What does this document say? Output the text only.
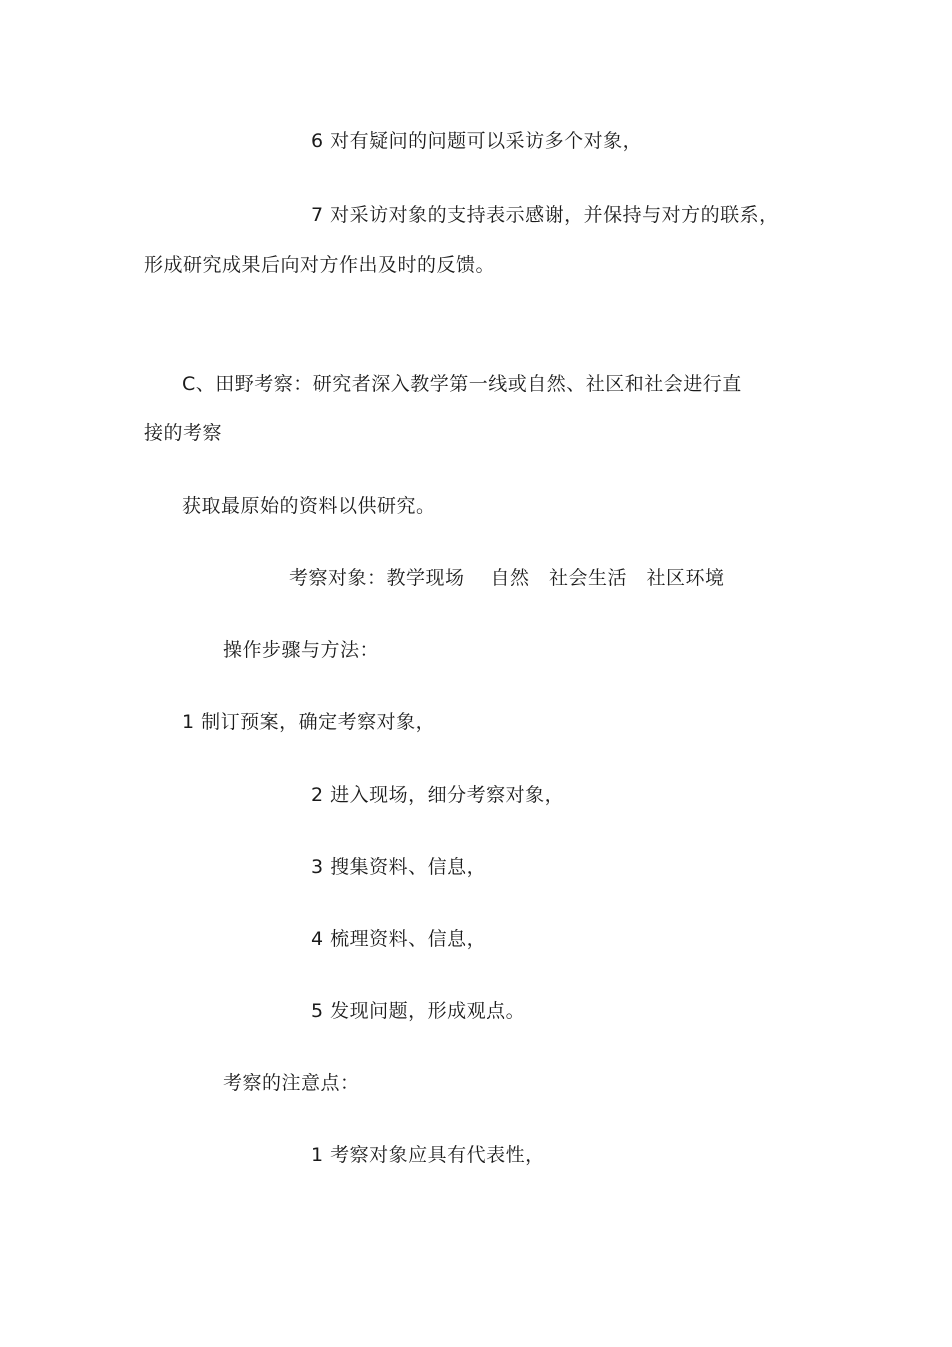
6 对有疑问的问题可以采访多个对象，
7 对采访对象的支持表示感谢，并保持与对方的联系，
形成研究成果后向对方作出及时的反馈。
C、田野考察：研究者深入教学第一线或自然、社区和社会进行直
接的考察
获取最原始的资料以供研究。
考察对象：教学现场　 自然　社会生活　社区环境
操作步骤与方法：
1 制订预案，确定考察对象，
2 进入现场，细分考察对象，
3 搜集资料、信息，
4 梳理资料、信息，
5 发现问题，形成观点。
考察的注意点：
1 考察对象应具有代表性，
